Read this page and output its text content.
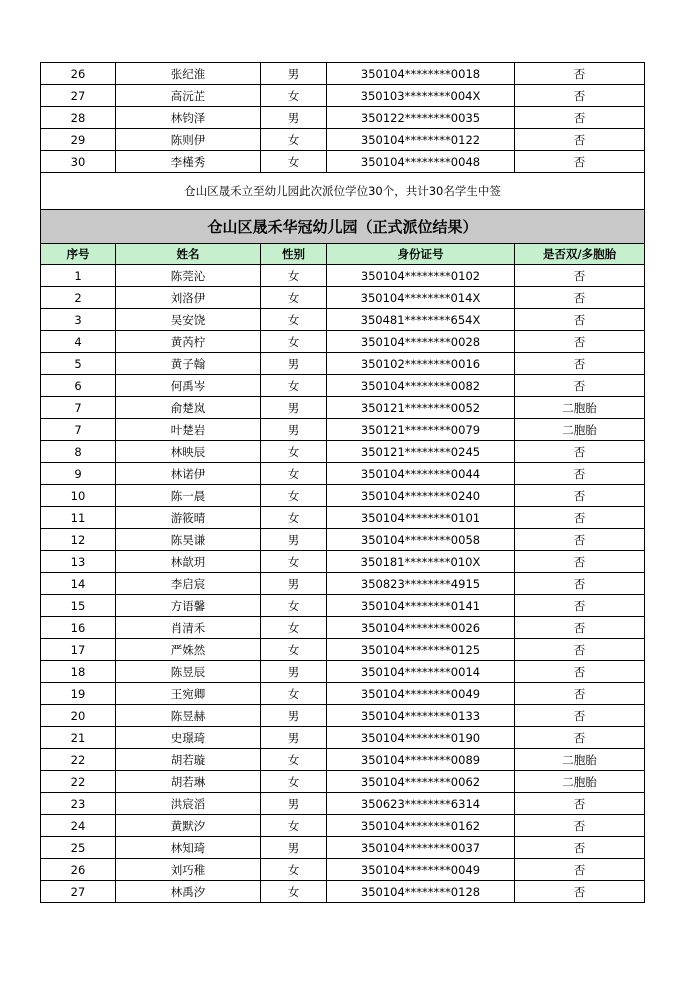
26	张纪淮	男	350104********0018	否
27	高沅芷	女	350103********004X	否
28	林钧泽	男	350122********0035	否
29	陈则伊	女	350104********0122	否
30	李槿秀	女	350104********0048	否
仓山区晟禾立至幼儿园此次派位学位30个，共计30名学生中签				
仓山区晟禾华冠幼儿园（正式派位结果）				
序号	姓名	性别	身份证号	是否双/多胞胎
1	陈莞沁	女	350104********0102	否
2	刘洛伊	女	350104********014X	否
3	吴安饶	女	350481********654X	否
4	黄芮柠	女	350104********0028	否
5	黄子翰	男	350102********0016	否
6	何禹岑	女	350104********0082	否
7	俞楚岚	男	350121********0052	二胞胎
7	叶楚岩	男	350121********0079	二胞胎
8	林映辰	女	350121********0245	否
9	林诺伊	女	350104********0044	否
10	陈一晨	女	350104********0240	否
11	游筱晴	女	350104********0101	否
12	陈昊谦	男	350104********0058	否
13	林歆玥	女	350181********010X	否
14	李启宸	男	350823********4915	否
15	方语馨	女	350104********0141	否
16	肖清禾	女	350104********0026	否
17	严姝然	女	350104********0125	否
18	陈昱辰	男	350104********0014	否
19	王宛卿	女	350104********0049	否
20	陈昱赫	男	350104********0133	否
21	史璟琦	男	350104********0190	否
22	胡若璇	女	350104********0089	二胞胎
22	胡若琳	女	350104********0062	二胞胎
23	洪宸滔	男	350623********6314	否
24	黄默汐	女	350104********0162	否
25	林知琦	男	350104********0037	否
26	刘巧稚	女	350104********0049	否
27	林禹汐	女	350104********0128	否
